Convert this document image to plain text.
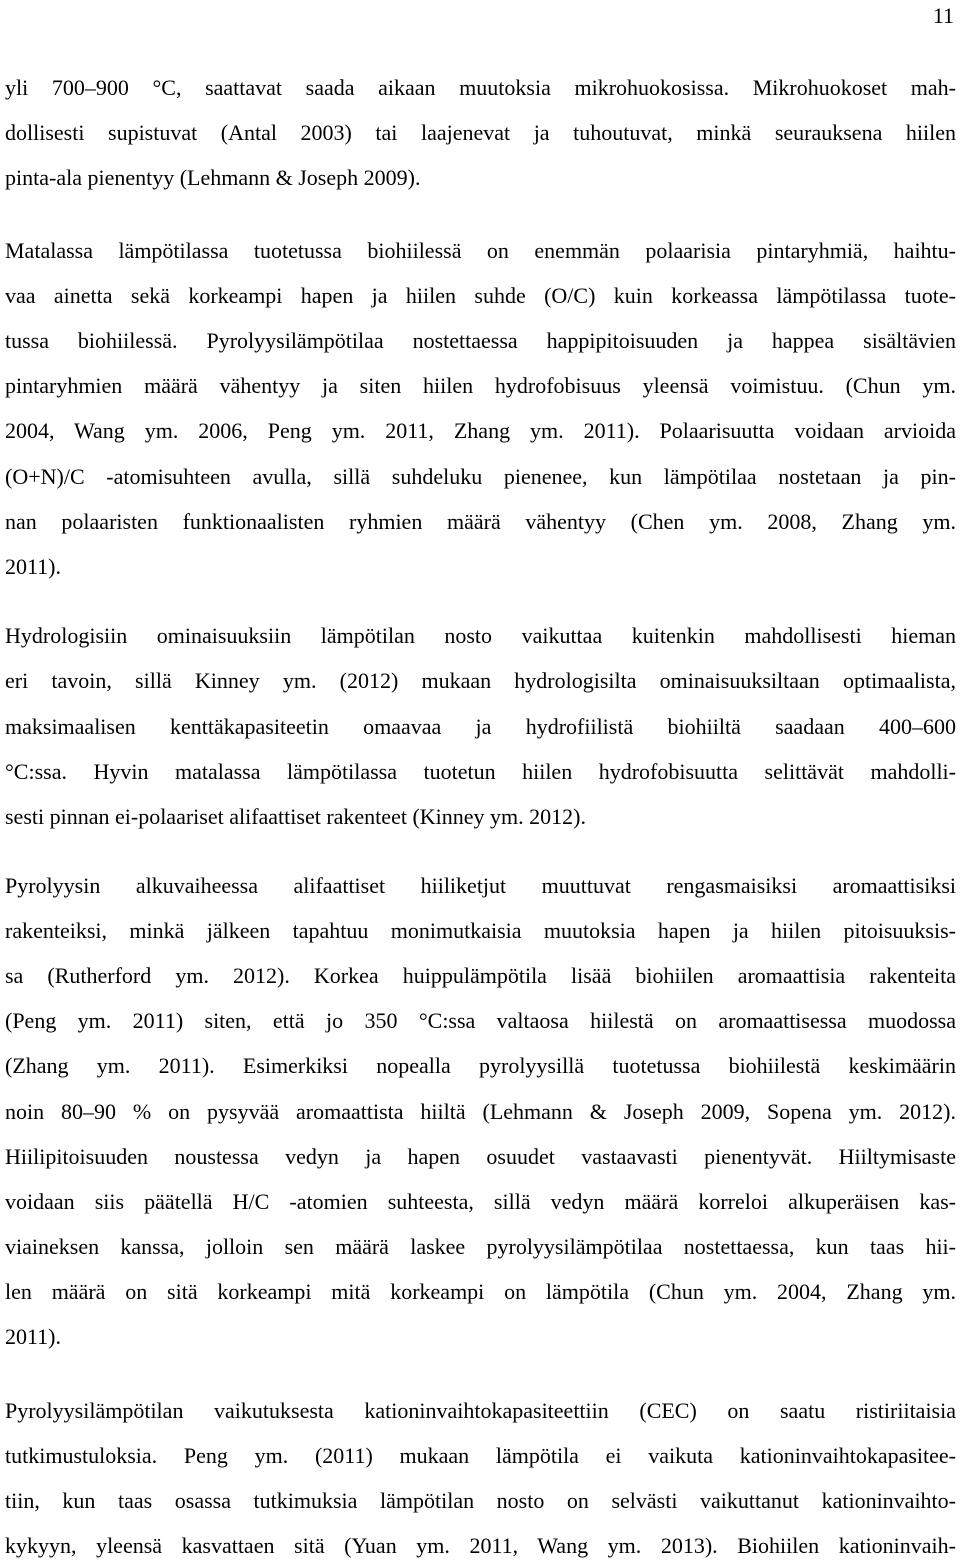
11
yli 700–900 °C, saattavat saada aikaan muutoksia mikrohuokosissa. Mikrohuokoset mah-
dollisesti supistuvat (Antal 2003) tai laajenevat ja tuhoutuvat, minkä seurauksena hiilen
pinta-ala pienentyy (Lehmann & Joseph 2009).
Matalassa lämpötilassa tuotetussa biohiilessä on enemmän polaarisia pintaryhmiä, haihtu-
vaa ainetta sekä korkeampi hapen ja hiilen suhde (O/C) kuin korkeassa lämpötilassa tuote-
tussa biohiilessä. Pyrolyysilämpötilaa nostettaessa happipitoisuuden ja happea sisältävien
pintaryhmien määrä vähentyy ja siten hiilen hydrofobisuus yleensä voimistuu. (Chun ym.
2004, Wang ym. 2006, Peng ym. 2011, Zhang ym. 2011). Polaarisuutta voidaan arvioida
(O+N)/C -atomisuhteen avulla, sillä suhdeluku pienenee, kun lämpötilaa nostetaan ja pin-
nan polaaristen funktionaalisten ryhmien määrä vähentyy (Chen ym. 2008, Zhang ym.
2011).
Hydrologisiin ominaisuuksiin lämpötilan nosto vaikuttaa kuitenkin mahdollisesti hieman
eri tavoin, sillä Kinney ym. (2012) mukaan hydrologisilta ominaisuuksiltaan optimaalista,
maksimaalisen kenttäkapasiteetin omaavaa ja hydrofiilistä biohiiltä saadaan 400–600
°C:ssa. Hyvin matalassa lämpötilassa tuotetun hiilen hydrofobisuutta selittävät mahdolli-
sesti pinnan ei-polaariset alifaattiset rakenteet (Kinney ym. 2012).
Pyrolyysin alkuvaiheessa alifaattiset hiiliketjut muuttuvat rengasmaisiksi aromaattisiksi
rakenteiksi, minkä jälkeen tapahtuu monimutkaisia muutoksia hapen ja hiilen pitoisuuksis-
sa (Rutherford ym. 2012). Korkea huippulämpötila lisää biohiilen aromaattisia rakenteita
(Peng ym. 2011) siten, että jo 350 °C:ssa valtaosa hiilestä on aromaattisessa muodossa
(Zhang ym. 2011). Esimerkiksi nopealla pyrolyysillä tuotetussa biohiilestä keskimäärin
noin 80–90 % on pysyvää aromaattista hiiltä (Lehmann & Joseph 2009, Sopena ym. 2012).
Hiilipitoisuuden noustessa vedyn ja hapen osuudet vastaavasti pienentyvät. Hiiltymisaste
voidaan siis päätellä H/C -atomien suhteesta, sillä vedyn määrä korreloi alkuperäisen kas-
viaineksen kanssa, jolloin sen määrä laskee pyrolyysilämpötilaa nostettaessa, kun taas hii-
len määrä on sitä korkeampi mitä korkeampi on lämpötila (Chun ym. 2004, Zhang ym.
2011).
Pyrolyysilämpötilan vaikutuksesta kationinvaihtokapasiteettiin (CEC) on saatu ristiriitaisia
tutkimustuloksia. Peng ym. (2011) mukaan lämpötila ei vaikuta kationinvaihtokapasitee-
tiin, kun taas osassa tutkimuksia lämpötilan nosto on selvästi vaikuttanut kationinvaihto-
kykyyn, yleensä kasvattaen sitä (Yuan ym. 2011, Wang ym. 2013). Biohiilen kationinvaih-
